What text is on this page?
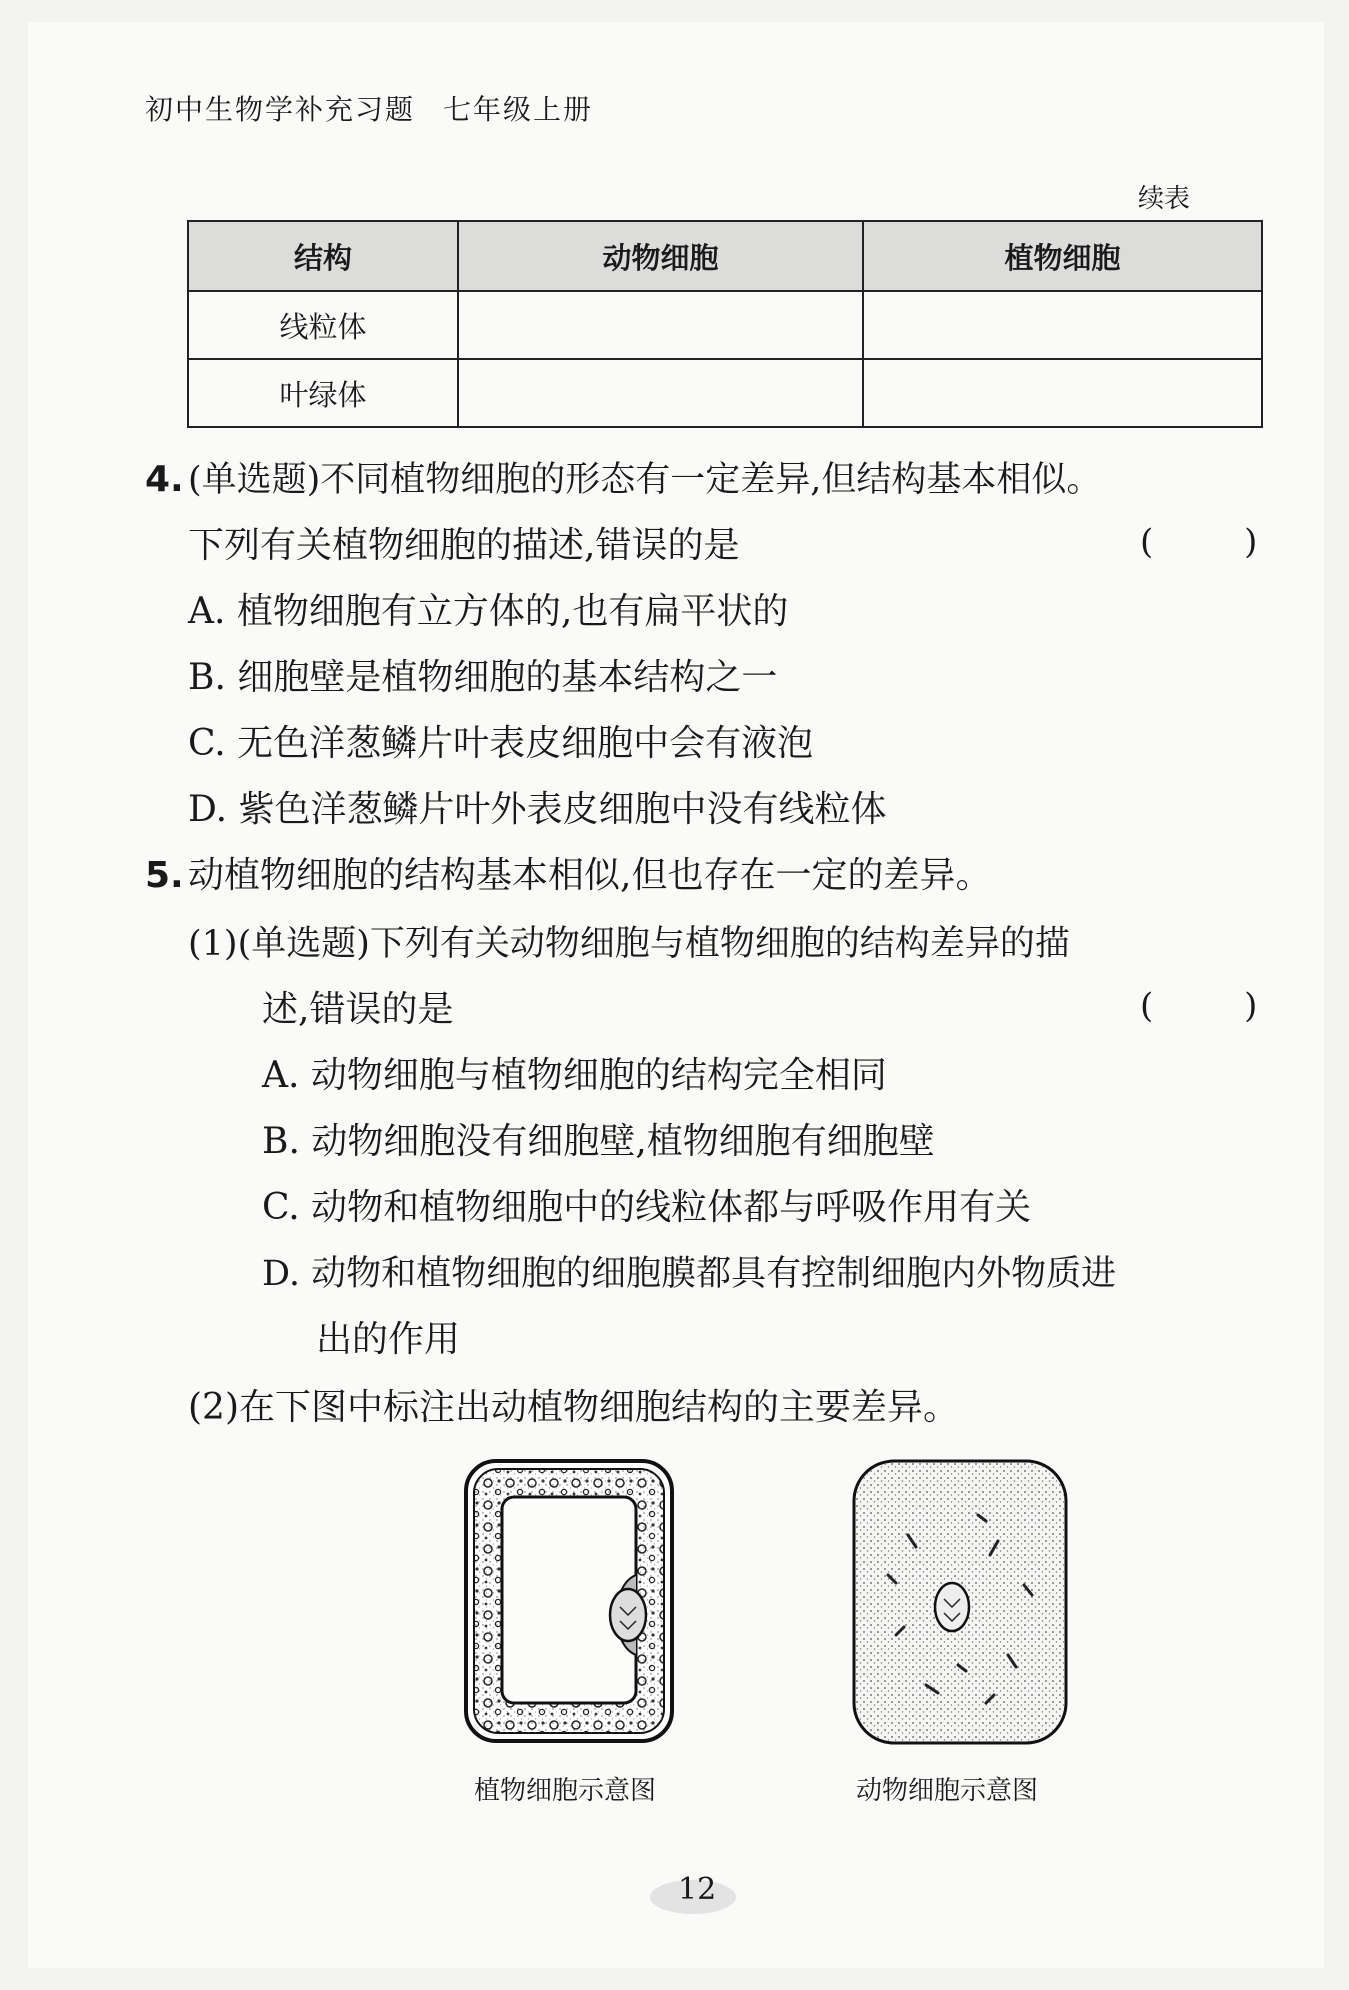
初中生物学补充习题 七年级上册
续表
结构	动物细胞	植物细胞
线粒体		
叶绿体		
4. (单选题)不同植物细胞的形态有一定差异,但结构基本相似。
下列有关植物细胞的描述,错误的是	( )
A. 植物细胞有立方体的,也有扁平状的
B. 细胞壁是植物细胞的基本结构之一
C. 无色洋葱鳞片叶表皮细胞中会有液泡
D. 紫色洋葱鳞片叶外表皮细胞中没有线粒体
5. 动植物细胞的结构基本相似,但也存在一定的差异。
(1)(单选题)下列有关动物细胞与植物细胞的结构差异的描
述,错误的是	( )
A. 动物细胞与植物细胞的结构完全相同
B. 动物细胞没有细胞壁,植物细胞有细胞壁
C. 动物和植物细胞中的线粒体都与呼吸作用有关
D. 动物和植物细胞的细胞膜都具有控制细胞内外物质进
出的作用
(2)在下图中标注出动植物细胞结构的主要差异。
植物细胞示意图	动物细胞示意图
12
